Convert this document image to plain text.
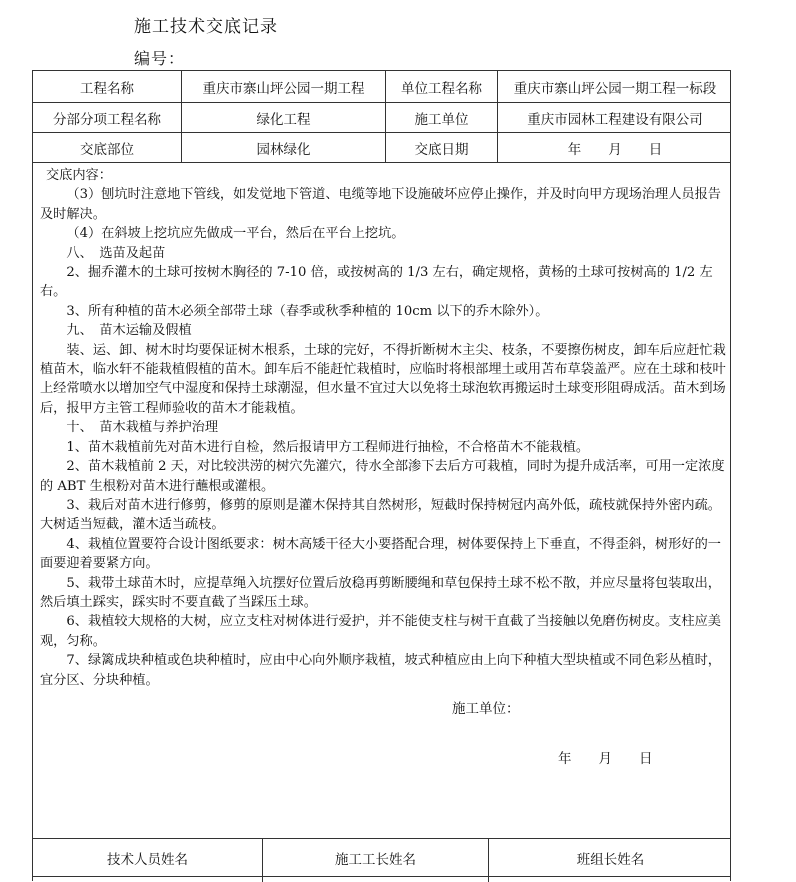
施工技术交底记录
编号：
工程名称	重庆市寨山坪公园一期工程	单位工程名称	重庆市寨山坪公园一期工程一标段
分部分项工程名称	绿化工程	施工单位	重庆市园林工程建设有限公司
交底部位	园林绿化	交底日期	年　　月　　日
技术人员姓名	施工工长姓名	班组长姓名

交底内容：

（3）刨坑时注意地下管线，如发觉地下管道、电缆等地下设施破坏应停止操作，并及时向甲方现场治理人员报告及时解决。

（4）在斜坡上挖坑应先做成一平台，然后在平台上挖坑。

八、　选苗及起苗

2、掘乔灌木的土球可按树木胸径的 7-10 倍，或按树高的 1/3 左右，确定规格，黄杨的土球可按树高的 1/2 左右。

3、所有种植的苗木必须全部带土球（春季或秋季种植的 10cm 以下的乔木除外）。

九、　苗木运输及假植

装、运、卸、树木时均要保证树木根系，土球的完好，不得折断树木主尖、枝条，不要擦伤树皮，卸车后应赶忙栽植苗木，临水轩不能栽植假植的苗木。卸车后不能赶忙栽植时，应临时将根部埋土或用苫布草袋盖严。应在土球和枝叶上经常喷水以增加空气中湿度和保持土球潮湿，但水量不宜过大以免将土球泡软再搬运时土球变形阻碍成活。苗木到场后，报甲方主管工程师验收的苗木才能栽植。

十、　苗木栽植与养护治理

1、苗木栽植前先对苗木进行自检，然后报请甲方工程师进行抽检，不合格苗木不能栽植。

2、苗木栽植前 2 天，对比较洪涝的树穴先灌穴，待水全部渗下去后方可栽植，同时为提升成活率，可用一定浓度的 ABT 生根粉对苗木进行蘸根或灌根。

3、栽后对苗木进行修剪，修剪的原则是灌木保持其自然树形，短截时保持树冠内高外低，疏枝就保持外密内疏。大树适当短截，灌木适当疏枝。

4、栽植位置要符合设计图纸要求：树木高矮干径大小要搭配合理，树体要保持上下垂直，不得歪斜，树形好的一面要迎着要紧方向。

5、栽带土球苗木时，应提草绳入坑摆好位置后放稳再剪断腰绳和草包保持土球不松不散，并应尽量将包装取出，然后填土踩实，踩实时不要直截了当踩压土球。

6、栽植较大规格的大树，应立支柱对树体进行爱护，并不能使支柱与树干直截了当接触以免磨伤树皮。支柱应美观，匀称。

7、绿篱成块种植或色块种植时，应由中心向外顺序栽植，坡式种植应由上向下种植大型块植或不同色彩丛植时，宜分区、分块种植。

施工单位：
年　　月　　日
